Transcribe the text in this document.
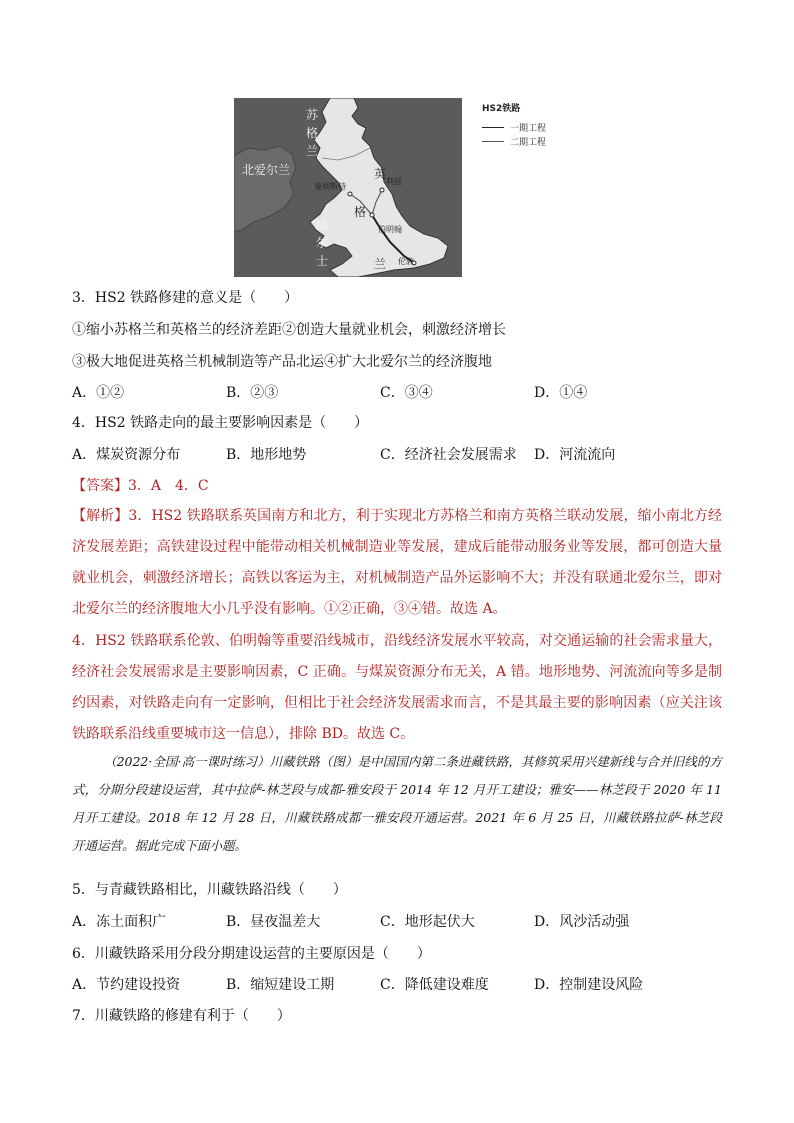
苏
格
兰
北爱尔兰
威
尔
士
英
格
兰
曼彻斯特
利兹
伯明翰
伦敦
HS2铁路
一期工程
二期工程
3．HS2 铁路修建的意义是（　　）
①缩小苏格兰和英格兰的经济差距②创造大量就业机会，刺激经济增长
③极大地促进英格兰机械制造等产品北运④扩大北爱尔兰的经济腹地
A．①②	B．②③	C．③④	D．①④
4．HS2 铁路走向的最主要影响因素是（　　）
A．煤炭资源分布	B．地形地势	C．经济社会发展需求 D．河流流向
【答案】3．A　4．C
【解析】3．HS2 铁路联系英国南方和北方，利于实现北方苏格兰和南方英格兰联动发展，缩小南北方经济发展差距；高铁建设过程中能带动相关机械制造业等发展，建成后能带动服务业等发展，都可创造大量就业机会，刺激经济增长；高铁以客运为主，对机械制造产品外运影响不大；并没有联通北爱尔兰，即对北爱尔兰的经济腹地大小几乎没有影响。①②正确，③④错。故选 A。
4．HS2 铁路联系伦敦、伯明翰等重要沿线城市，沿线经济发展水平较高，对交通运输的社会需求量大，经济社会发展需求是主要影响因素，C 正确。与煤炭资源分布无关，A 错。地形地势、河流流向等多是制约因素，对铁路走向有一定影响，但相比于社会经济发展需求而言，不是其最主要的影响因素（应关注该铁路联系沿线重要城市这一信息），排除 BD。故选 C。
（2022·全国·高一课时练习）川藏铁路（图）是中国国内第二条进藏铁路，其修筑采用兴建新线与合并旧线的方式，分期分段建设运营，其中拉萨-林芝段与成都-雅安段于 2014 年 12 月开工建设；雅安——林芝段于 2020 年 11 月开工建设。2018 年 12 月 28 日，川藏铁路成都一雅安段开通运营。2021 年 6 月 25 日，川藏铁路拉萨-林芝段开通运营。据此完成下面小题。
5．与青藏铁路相比，川藏铁路沿线（　　）
A．冻土面积广	B．昼夜温差大	C．地形起伏大	D．风沙活动强
6．川藏铁路采用分段分期建设运营的主要原因是（　　）
A．节约建设投资	B．缩短建设工期	C．降低建设难度	D．控制建设风险
7．川藏铁路的修建有利于（　　）
